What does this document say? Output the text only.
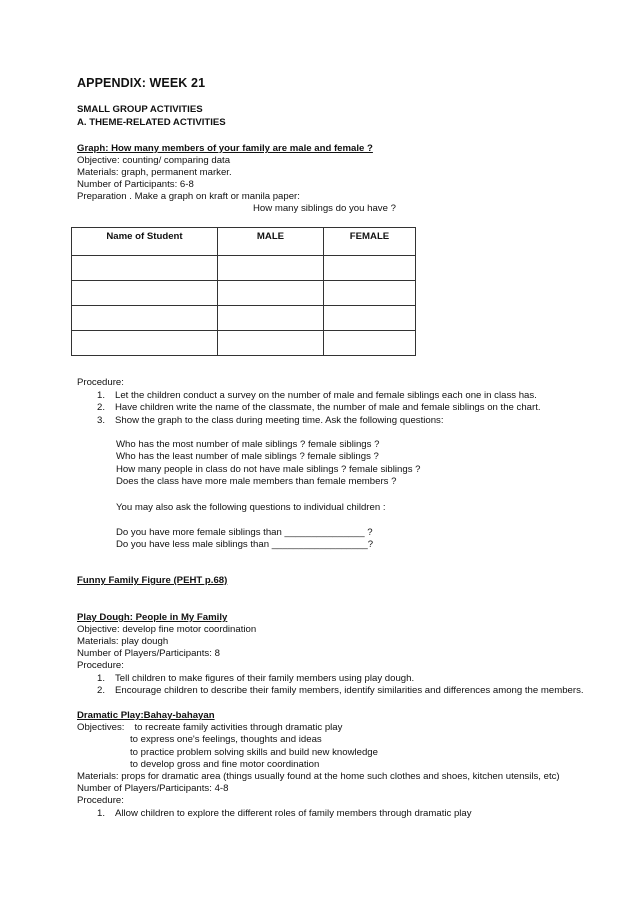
APPENDIX: WEEK 21
SMALL GROUP ACTIVITIES
A. THEME-RELATED ACTIVITIES
Graph: How many members of your family are male and female ?
Objective: counting/ comparing data
Materials: graph, permanent marker.
Number of Participants: 6-8
Preparation . Make a graph on kraft or manila paper:
How many siblings do you have ?
Name of Student	MALE	FEMALE

Procedure:
1. Let the children conduct a survey on the number of male and female siblings each one in class has.
2. Have children write the name of the classmate, the number of male and female siblings on the chart.
3. Show the graph to the class during meeting time. Ask the following questions:
Who has the most number of male siblings ? female siblings ?
Who has the least number of male siblings ? female siblings ?
How many people in class do not have male siblings ? female siblings ?
Does the class have more male members than female members ?
You may also ask the following questions to individual children :
Do you have more female siblings than _______________ ?
Do you have less male siblings than __________________?
Funny Family Figure (PEHT p.68)
Play Dough: People in My Family
Objective: develop fine motor coordination
Materials: play dough
Number of Players/Participants: 8
Procedure:
1. Tell children to make figures of their family members using play dough.
2. Encourage children to describe their family members, identify similarities and differences among the members.
Dramatic Play:Bahay-bahayan
Objectives: to recreate family activities through dramatic play
to express one's feelings, thoughts and ideas
to practice problem solving skills and build new knowledge
to develop gross and fine motor coordination
Materials: props for dramatic area (things usually found at the home such clothes and shoes, kitchen utensils, etc)
Number of Players/Participants: 4-8
Procedure:
1. Allow children to explore the different roles of family members through dramatic play
